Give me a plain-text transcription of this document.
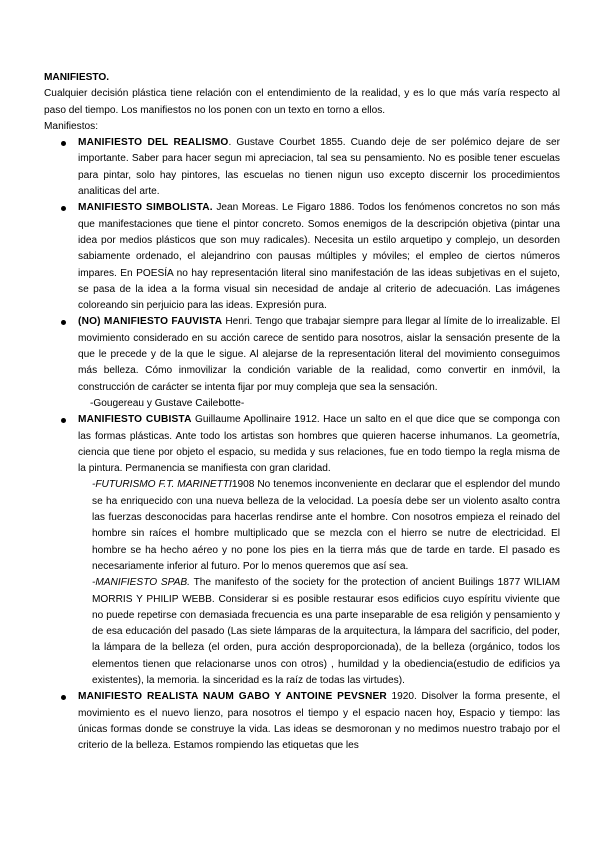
MANIFIESTO.

Cualquier decisión plástica tiene relación con el entendimiento de la realidad, y es lo que más varía respecto al paso del tiempo. Los manifiestos no los ponen con un texto en torno a ellos.

Manifiestos:

MANIFIESTO DEL REALISMO. Gustave Courbet 1855. Cuando deje de ser polémico dejare de ser importante. Saber para hacer segun mi apreciacion, tal sea su pensamiento. No es posible tener escuelas para pintar, solo hay pintores, las escuelas no tienen nigun uso excepto discernir los procedimientos analiticas del arte.
MANIFIESTO SIMBOLISTA. Jean Moreas. Le Figaro 1886. Todos los fenómenos concretos no son más que manifestaciones que tiene el pintor concreto. Somos enemigos de la descripción objetiva (pintar una idea por medios plásticos que son muy radicales). Necesita un estilo arquetipo y complejo, un desorden sabiamente ordenado, el alejandrino con pausas múltiples y móviles; el empleo de ciertos números impares. En POESÍA no hay representación literal sino manifestación de las ideas subjetivas en el sujeto, se pasa de la idea a la forma visual sin necesidad de andaje al criterio de adecuación. Las imágenes coloreando sin perjuicio para las ideas. Expresión pura.
(NO) MANIFIESTO FAUVISTA Henri. Tengo que trabajar siempre para llegar al límite de lo irrealizable. El movimiento considerado en su acción carece de sentido para nosotros, aislar la sensación presente de la que le precede y de la que le sigue. Al alejarse de la representación literal del movimiento conseguimos más belleza. Cómo inmovilizar la condición variable de la realidad, como convertir en inmóvil, la construcción de carácter se intenta fijar por muy compleja que sea la sensación.

-Gougereau y Gustave Cailebotte-

MANIFIESTO CUBISTA Guillaume Apollinaire 1912. Hace un salto en el que dice que se componga con las formas plásticas. Ante todo los artistas son hombres que quieren hacerse inhumanos. La geometría, ciencia que tiene por objeto el espacio, su medida y sus relaciones, fue en todo tiempo la regla misma de la pintura. Permanencia se manifiesta con gran claridad.

-FUTURISMO F.T. MARINETTI1908 No tenemos inconveniente en declarar que el esplendor del mundo se ha enriquecido con una nueva belleza de la velocidad. La poesía debe ser un violento asalto contra las fuerzas desconocidas para hacerlas rendirse ante el hombre. Con nosotros empieza el reinado del hombre sin raíces el hombre multiplicado que se mezcla con el hierro se nutre de electricidad. El hombre se ha hecho aéreo y no pone los pies en la tierra más que de tarde en tarde. El pasado es necesariamente inferior al futuro. Por lo menos queremos que así sea.

-MANIFIESTO SPAB. The manifesto of the society for the protection of ancient Builings 1877 WILIAM MORRIS Y PHILIP WEBB. Considerar si es posible restaurar esos edificios cuyo espíritu viviente que no puede repetirse con demasiada frecuencia es una parte inseparable de esa religión y pensamiento y de esa educación del pasado (Las siete lámparas de la arquitectura, la lámpara del sacrificio, del poder, la lámpara de la belleza (el orden, pura acción desproporcionada), de la belleza (orgánico, todos los elementos tienen que relacionarse unos con otros) , humildad y la obediencia(estudio de edificios ya existentes), la memoria. la sinceridad es la raíz de todas las virtudes).

MANIFIESTO REALISTA NAUM GABO Y ANTOINE PEVSNER 1920. Disolver la forma presente, el movimiento es el nuevo lienzo, para nosotros el tiempo y el espacio nacen hoy, Espacio y tiempo: las únicas formas donde se construye la vida. Las ideas se desmoronan y no medimos nuestro trabajo por el criterio de la belleza. Estamos rompiendo las etiquetas que les
